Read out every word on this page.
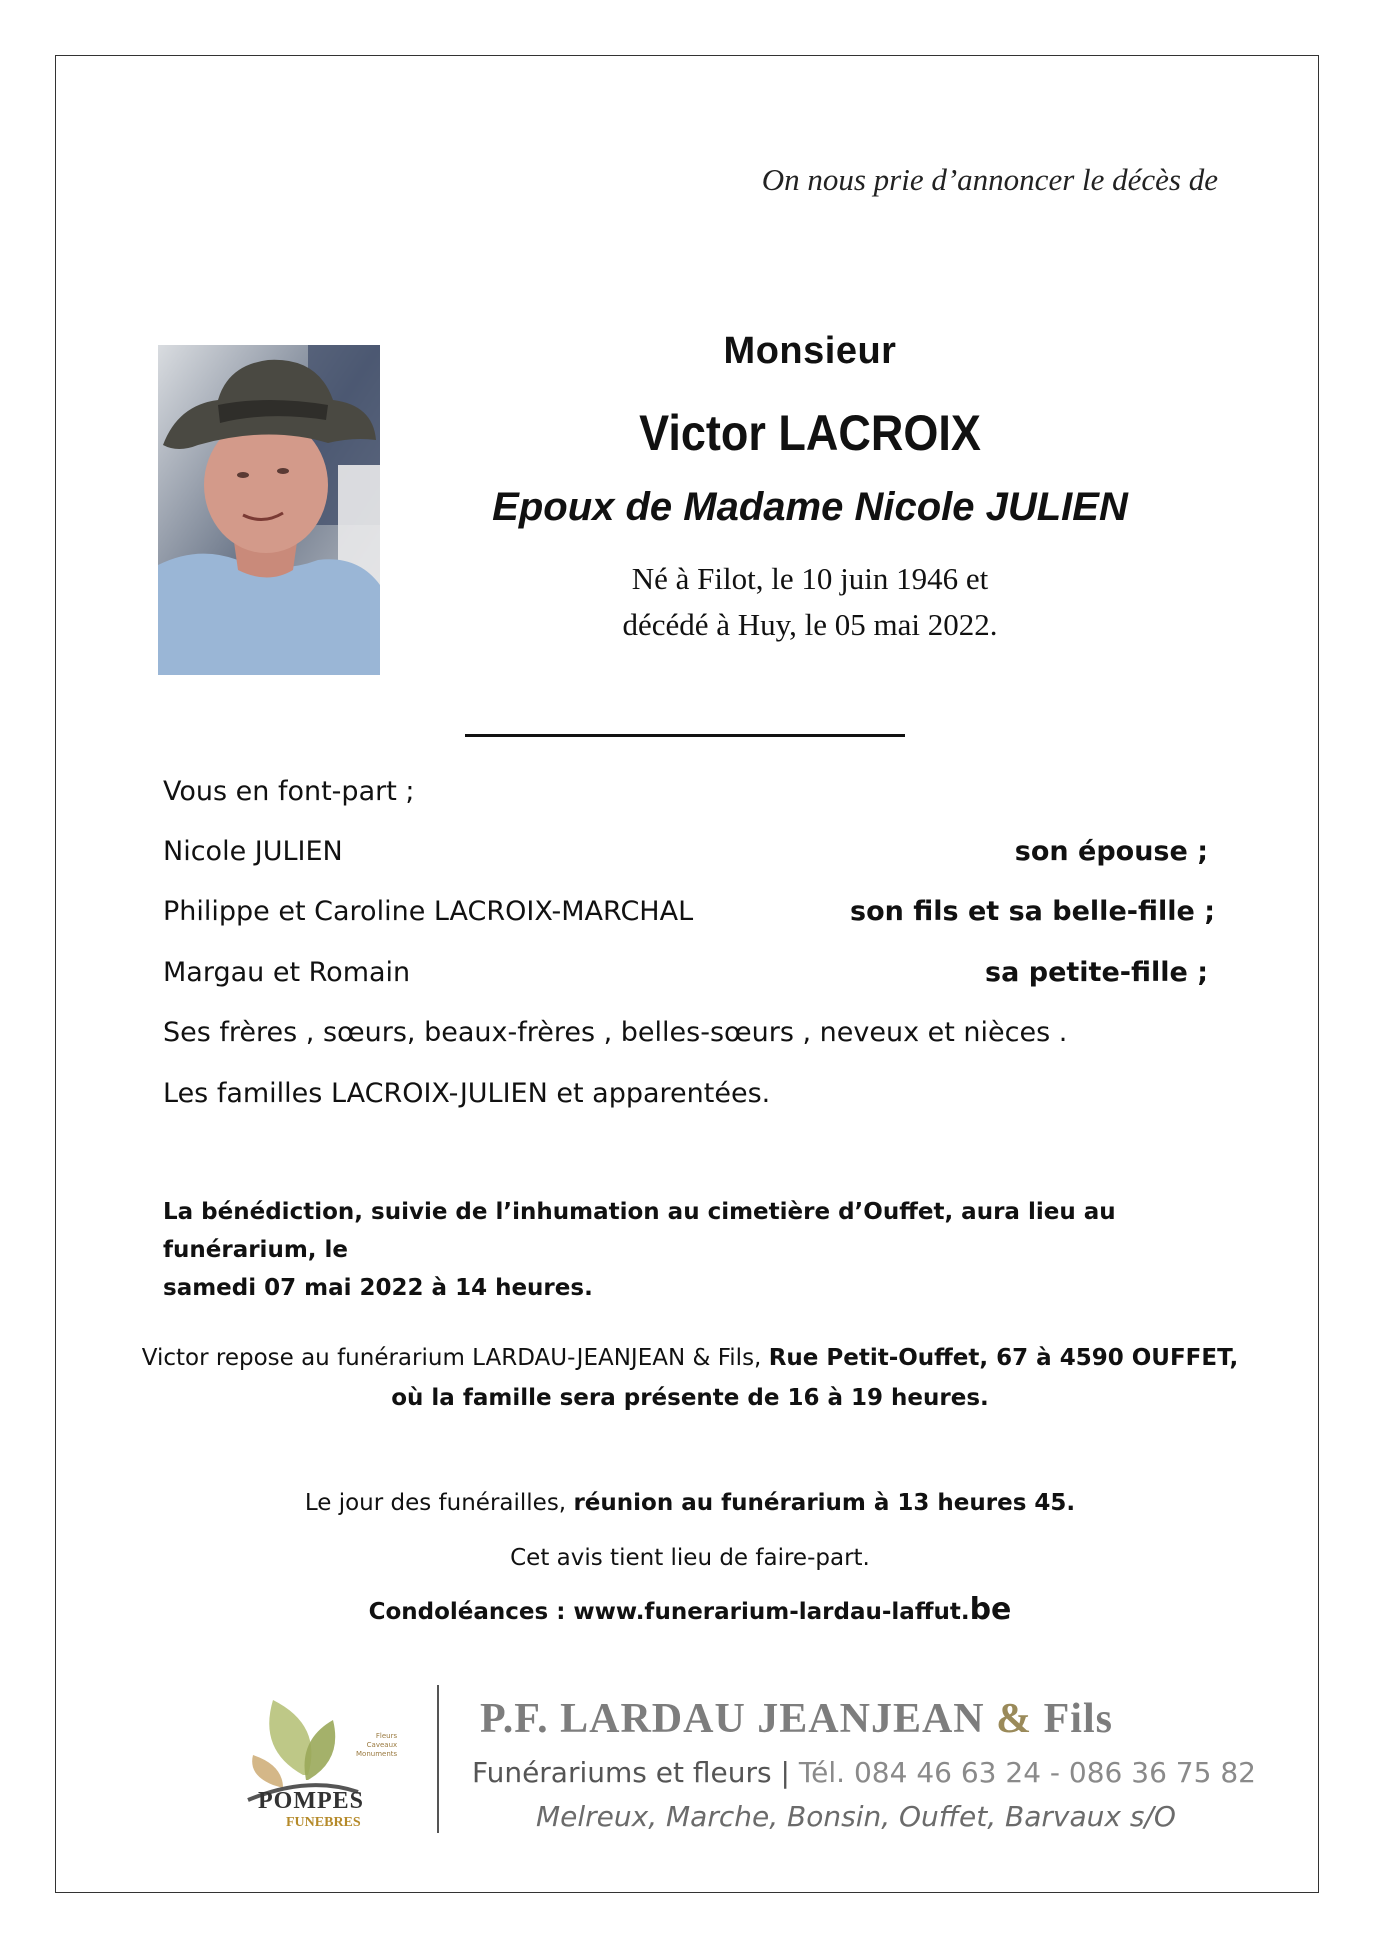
On nous prie d’annoncer le décès de
Monsieur
Victor LACROIX
Epoux de Madame Nicole JULIEN
Né à Filot, le 10 juin 1946 et
décédé à Huy, le 05 mai 2022.
Vous en font-part ;
Nicole JULIEN	son épouse ;
Philippe et Caroline LACROIX-MARCHAL	son fils et sa belle-fille ;
Margau et Romain	sa petite-fille ;
Ses frères , sœurs, beaux-frères , belles-sœurs , neveux et nièces .
Les familles LACROIX-JULIEN et apparentées.
La bénédiction, suivie de l’inhumation au cimetière d’Ouffet, aura lieu au funérarium, le
samedi 07 mai 2022 à 14 heures.
Victor repose au funérarium LARDAU-JEANJEAN & Fils, Rue Petit-Ouffet, 67 à 4590 OUFFET,
où la famille sera présente de 16 à 19 heures.
Le jour des funérailles, réunion au funérarium à 13 heures 45.
Cet avis tient lieu de faire-part.
Condoléances : www.funerarium-lardau-laffut.be
Fleurs
Caveaux
Monuments
POMPES
FUNEBRES
P.F. LARDAU JEANJEAN & Fils
Funérariums et fleurs | Tél. 084 46 63 24 - 086 36 75 82
Melreux, Marche, Bonsin, Ouffet, Barvaux s/O
